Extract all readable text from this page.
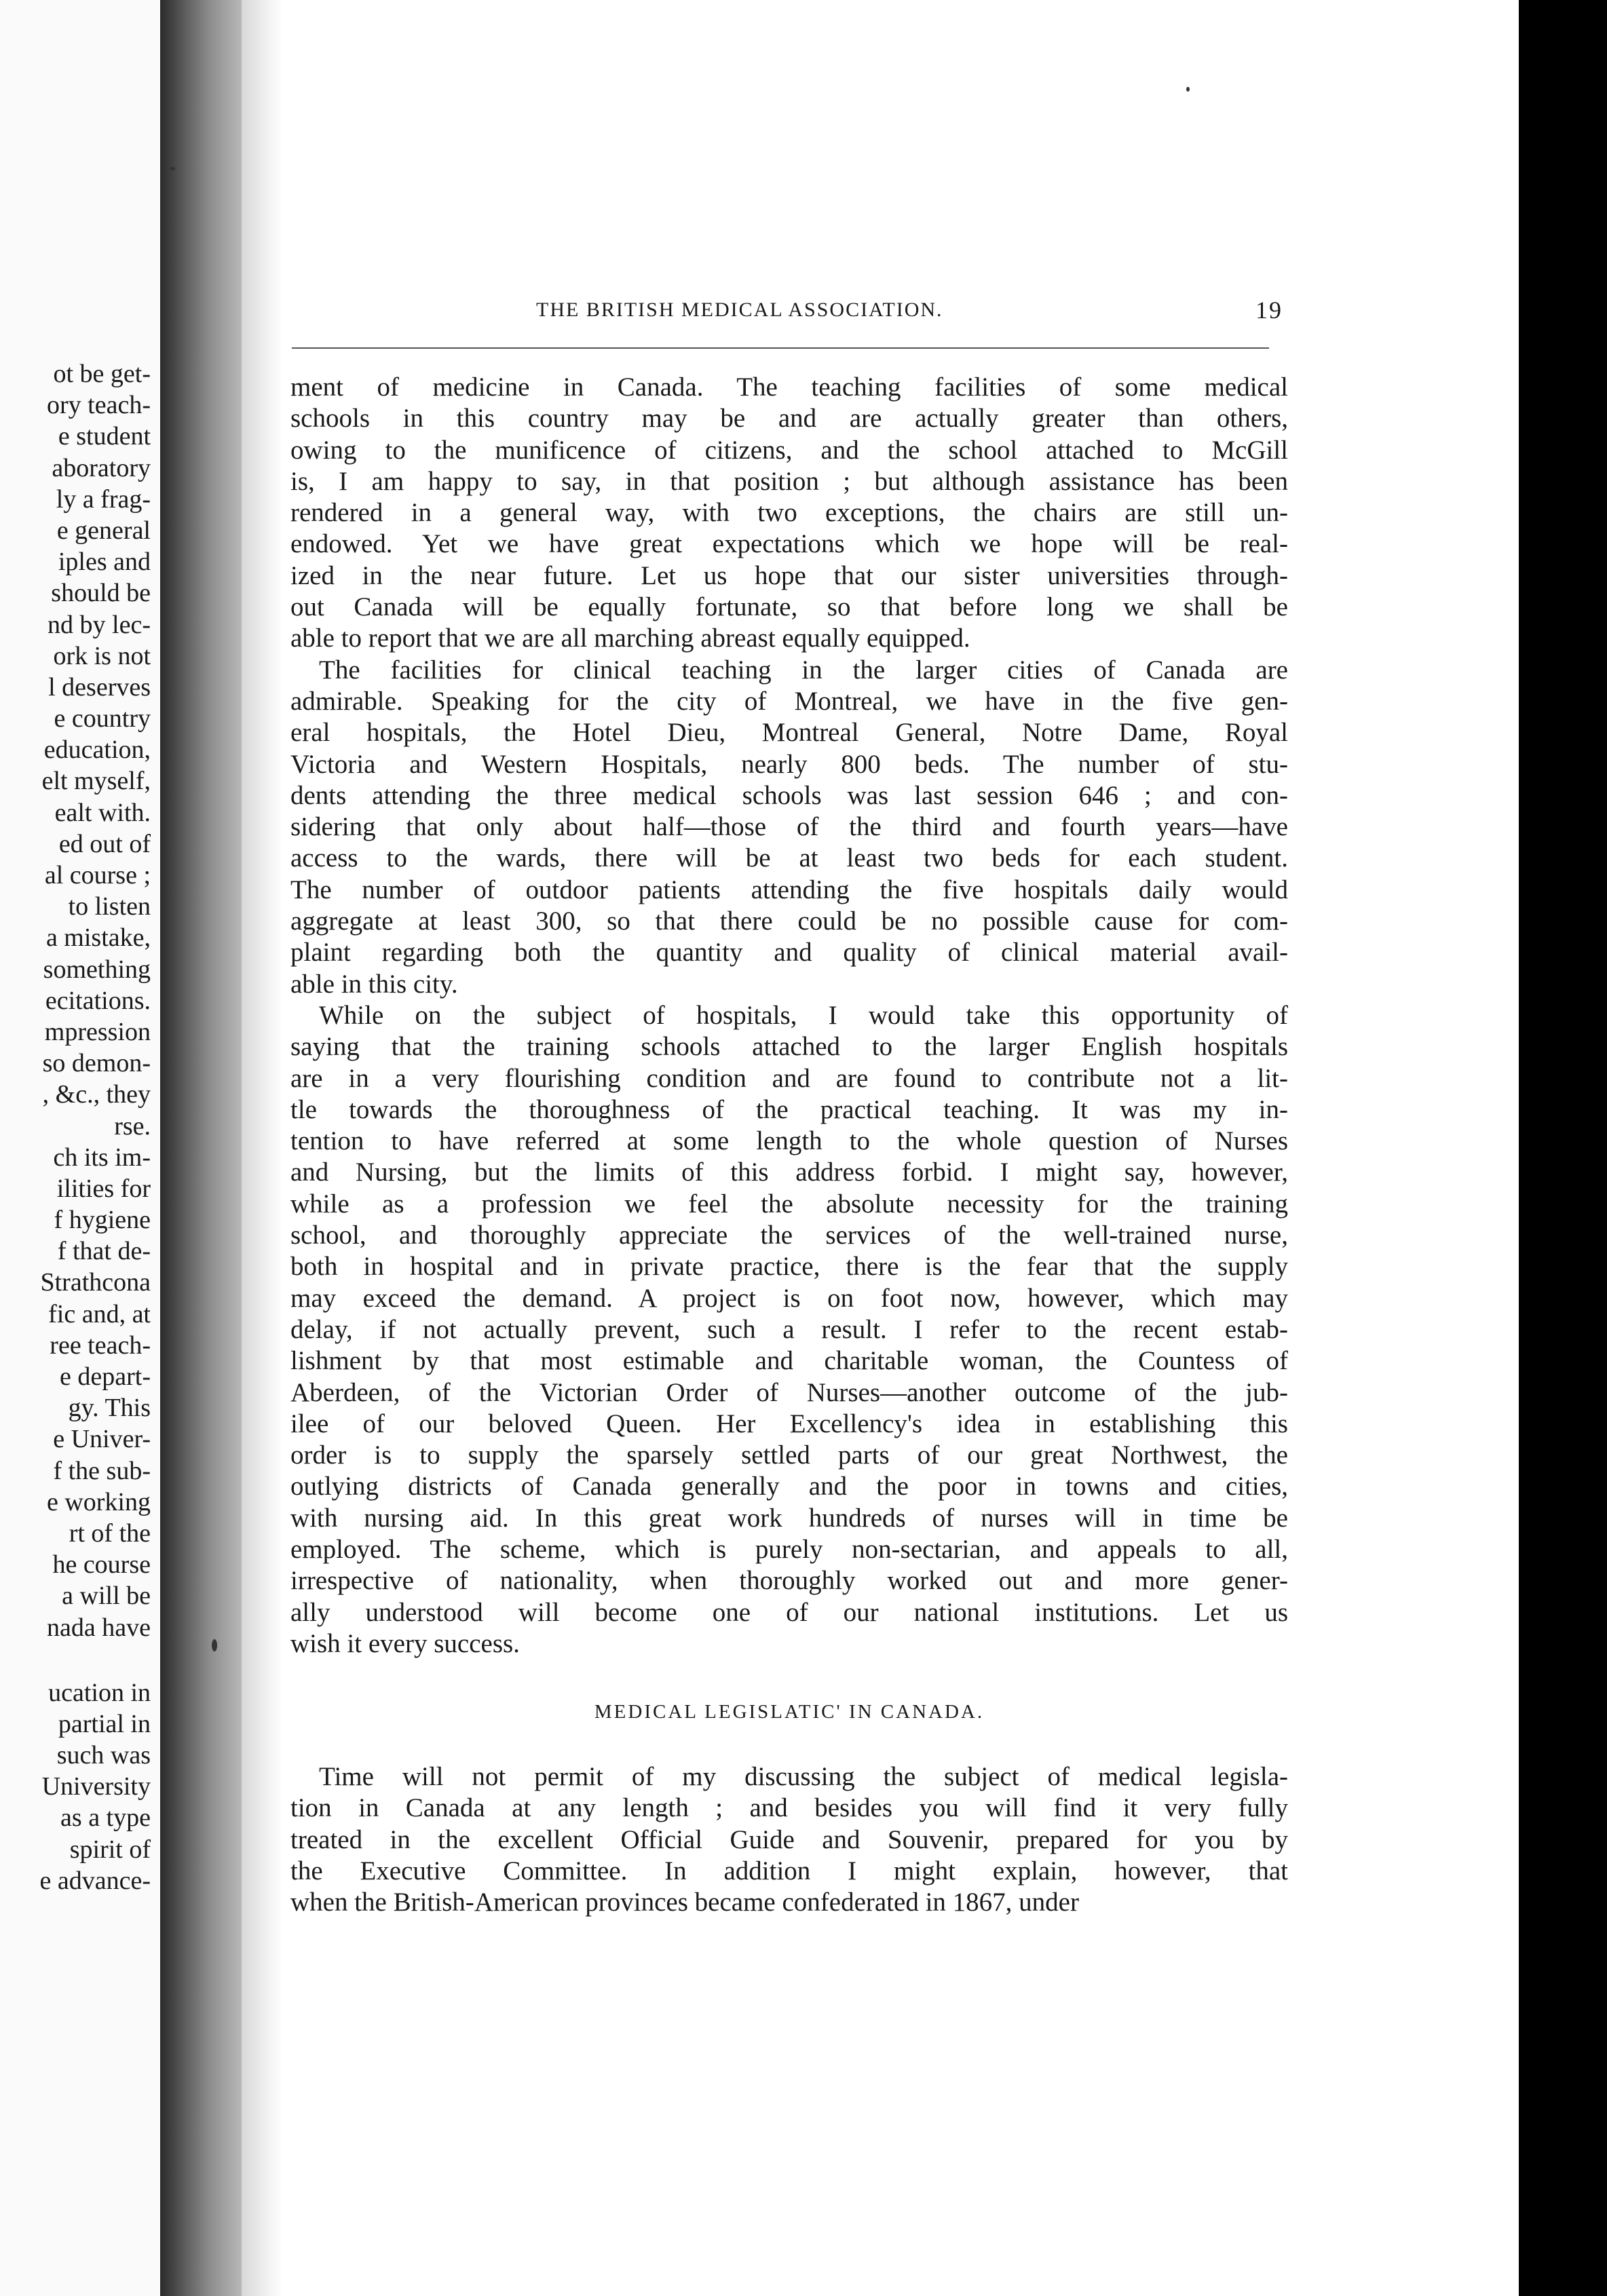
ot be get-
ory teach-
e student
aboratory
ly a frag-
e general
iples and
should be
nd by lec-
ork is not
l deserves
e country
education,
elt myself,
ealt with.
ed out of
al course ;
to listen
a mistake,
something
ecitations.
mpression
so demon-
, &c., they
rse.
ch its im-
ilities for
f hygiene
f that de-
Strathcona
fic and, at
ree teach-
e depart-
gy. This
e Univer-
f the sub-
e working
rt of the
he course
a will be
nada have
ucation in
partial in
such was
University
as a type
spirit of
e advance-
THE BRITISH MEDICAL ASSOCIATION.	19

ment of medicine in Canada. The teaching facilities of some medical
schools in this country may be and are actually greater than others,
owing to the munificence of citizens, and the school attached to McGill
is, I am happy to say, in that position ; but although assistance has been
rendered in a general way, with two exceptions, the chairs are still un-
endowed. Yet we have great expectations which we hope will be real-
ized in the near future. Let us hope that our sister universities through-
out Canada will be equally fortunate, so that before long we shall be
able to report that we are all marching abreast equally equipped.

The facilities for clinical teaching in the larger cities of Canada are
admirable. Speaking for the city of Montreal, we have in the five gen-
eral hospitals, the Hotel Dieu, Montreal General, Notre Dame, Royal
Victoria and Western Hospitals, nearly 800 beds. The number of stu-
dents attending the three medical schools was last session 646 ; and con-
sidering that only about half—those of the third and fourth years—have
access to the wards, there will be at least two beds for each student.
The number of outdoor patients attending the five hospitals daily would
aggregate at least 300, so that there could be no possible cause for com-
plaint regarding both the quantity and quality of clinical material avail-
able in this city.

While on the subject of hospitals, I would take this opportunity of
saying that the training schools attached to the larger English hospitals
are in a very flourishing condition and are found to contribute not a lit-
tle towards the thoroughness of the practical teaching. It was my in-
tention to have referred at some length to the whole question of Nurses
and Nursing, but the limits of this address forbid. I might say, however,
while as a profession we feel the absolute necessity for the training
school, and thoroughly appreciate the services of the well-trained nurse,
both in hospital and in private practice, there is the fear that the supply
may exceed the demand. A project is on foot now, however, which may
delay, if not actually prevent, such a result. I refer to the recent estab-
lishment by that most estimable and charitable woman, the Countess of
Aberdeen, of the Victorian Order of Nurses—another outcome of the jub-
ilee of our beloved Queen. Her Excellency's idea in establishing this
order is to supply the sparsely settled parts of our great Northwest, the
outlying districts of Canada generally and the poor in towns and cities,
with nursing aid. In this great work hundreds of nurses will in time be
employed. The scheme, which is purely non-sectarian, and appeals to all,
irrespective of nationality, when thoroughly worked out and more gener-
ally understood will become one of our national institutions. Let us
wish it every success.

MEDICAL LEGISLATIC' IN CANADA.

Time will not permit of my discussing the subject of medical legisla-
tion in Canada at any length ; and besides you will find it very fully
treated in the excellent Official Guide and Souvenir, prepared for you by
the Executive Committee. In addition I might explain, however, that
when the British-American provinces became confederated in 1867, under
